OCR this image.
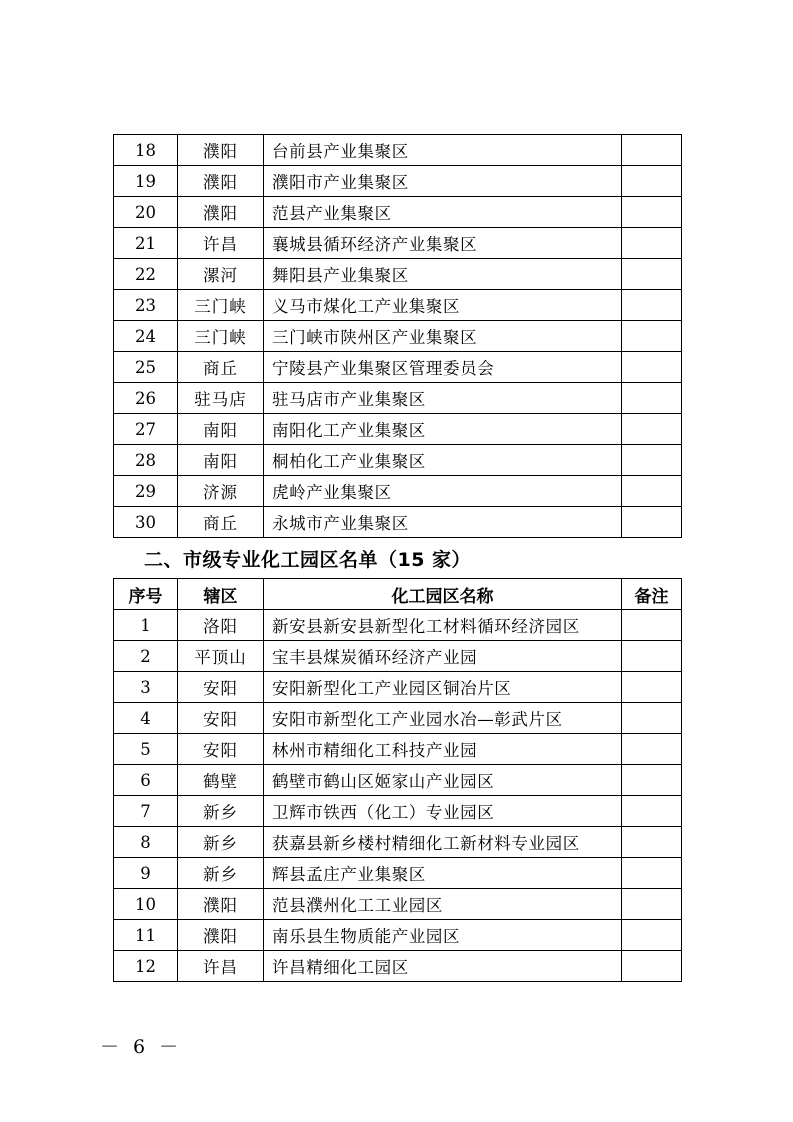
18	濮阳	台前县产业集聚区	
19	濮阳	濮阳市产业集聚区	
20	濮阳	范县产业集聚区	
21	许昌	襄城县循环经济产业集聚区	
22	漯河	舞阳县产业集聚区	
23	三门峡	义马市煤化工产业集聚区	
24	三门峡	三门峡市陕州区产业集聚区	
25	商丘	宁陵县产业集聚区管理委员会	
26	驻马店	驻马店市产业集聚区	
27	南阳	南阳化工产业集聚区	
28	南阳	桐柏化工产业集聚区	
29	济源	虎岭产业集聚区	
30	商丘	永城市产业集聚区	
二、市级专业化工园区名单（15 家）
序号	辖区	化工园区名称	备注
1	洛阳	新安县新安县新型化工材料循环经济园区	
2	平顶山	宝丰县煤炭循环经济产业园	
3	安阳	安阳新型化工产业园区铜冶片区	
4	安阳	安阳市新型化工产业园水冶—彰武片区	
5	安阳	林州市精细化工科技产业园	
6	鹤壁	鹤壁市鹤山区姬家山产业园区	
7	新乡	卫辉市铁西（化工）专业园区	
8	新乡	获嘉县新乡楼村精细化工新材料专业园区	
9	新乡	辉县孟庄产业集聚区	
10	濮阳	范县濮州化工工业园区	
11	濮阳	南乐县生物质能产业园区	
12	许昌	许昌精细化工园区	
－ 6 －
